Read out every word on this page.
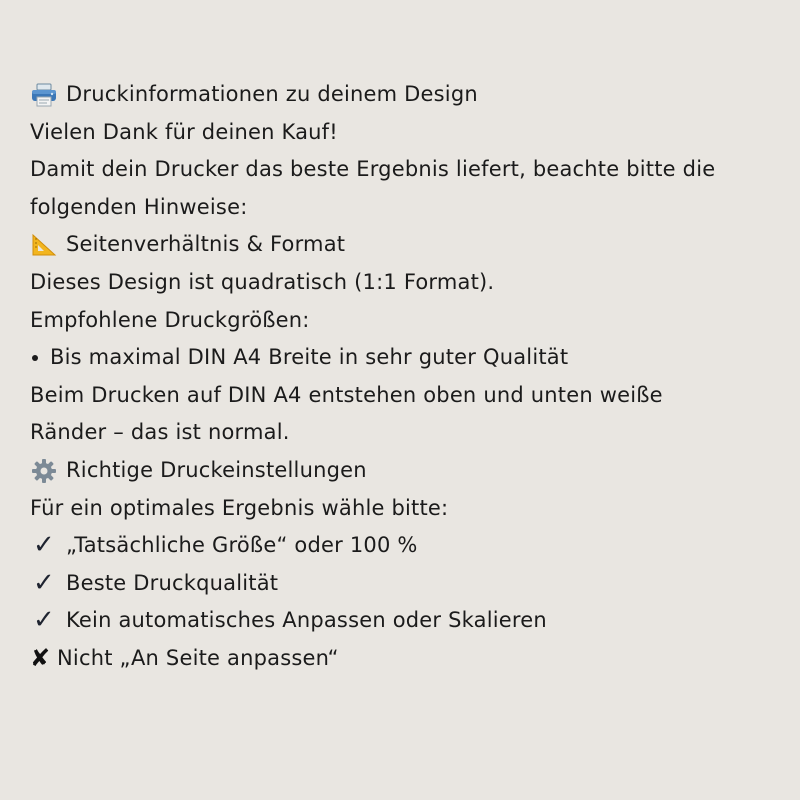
Druckinformationen zu deinem Design
Vielen Dank für deinen Kauf!
Damit dein Drucker das beste Ergebnis liefert, beachte bitte die
folgenden Hinweise:
Seitenverhältnis & Format
Dieses Design ist quadratisch (1:1 Format).
Empfohlene Druckgrößen:
Bis maximal DIN A4 Breite in sehr guter Qualität
Beim Drucken auf DIN A4 entstehen oben und unten weiße
Ränder – das ist normal.
Richtige Druckeinstellungen
Für ein optimales Ergebnis wähle bitte:
✓ „Tatsächliche Größe“ oder 100 %
✓ Beste Druckqualität
✓ Kein automatisches Anpassen oder Skalieren
✘ Nicht „An Seite anpassen“
